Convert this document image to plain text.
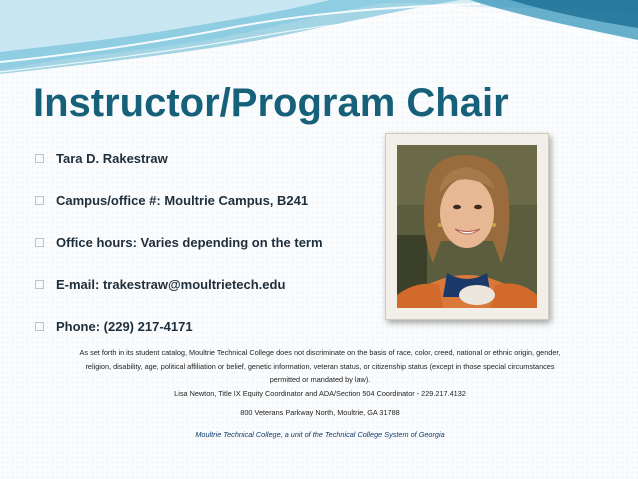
Instructor/Program Chair
Tara D. Rakestraw
Campus/office #: Moultrie Campus, B241
Office hours: Varies depending on the term
E-mail: trakestraw@moultrietech.edu
Phone: (229) 217-4171

As set forth in its student catalog, Moultrie Technical College does not discriminate on the basis of race, color, creed, national or ethnic origin, gender,

religion, disability, age, political affiliation or belief, genetic information, veteran status, or citizenship status (except in those special circumstances

permitted or mandated by law).

Lisa Newton, Title IX Equity Coordinator and ADA/Section 504 Coordinator - 229.217.4132

800 Veterans Parkway North, Moultrie, GA 31788

Moultrie Technical College, a unit of the Technical College System of Georgia
